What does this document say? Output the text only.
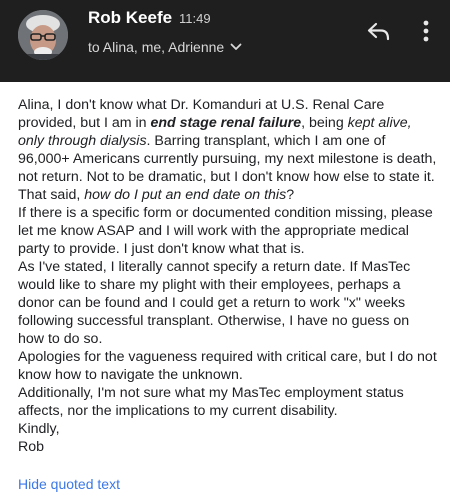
Rob Keefe 11:49
to Alina, me, Adrienne

Alina, I don't know what Dr. Komanduri at U.S. Renal Care provided, but I am in end stage renal failure, being kept alive, only through dialysis. Barring transplant, which I am one of 96,000+ Americans currently pursuing, my next milestone is death, not return. Not to be dramatic, but I don't know how else to state it. That said, how do I put an end date on this?

If there is a specific form or documented condition missing, please let me know ASAP and I will work with the appropriate medical party to provide. I just don't know what that is.

As I've stated, I literally cannot specify a return date. If MasTec would like to share my plight with their employees, perhaps a donor can be found and I could get a return to work "x" weeks following successful transplant. Otherwise, I have no guess on how to do so.

Apologies for the vagueness required with critical care, but I do not know how to navigate the unknown.

Additionally, I'm not sure what my MasTec employment status affects, nor the implications to my current disability.

Kindly,

Rob

Hide quoted text
